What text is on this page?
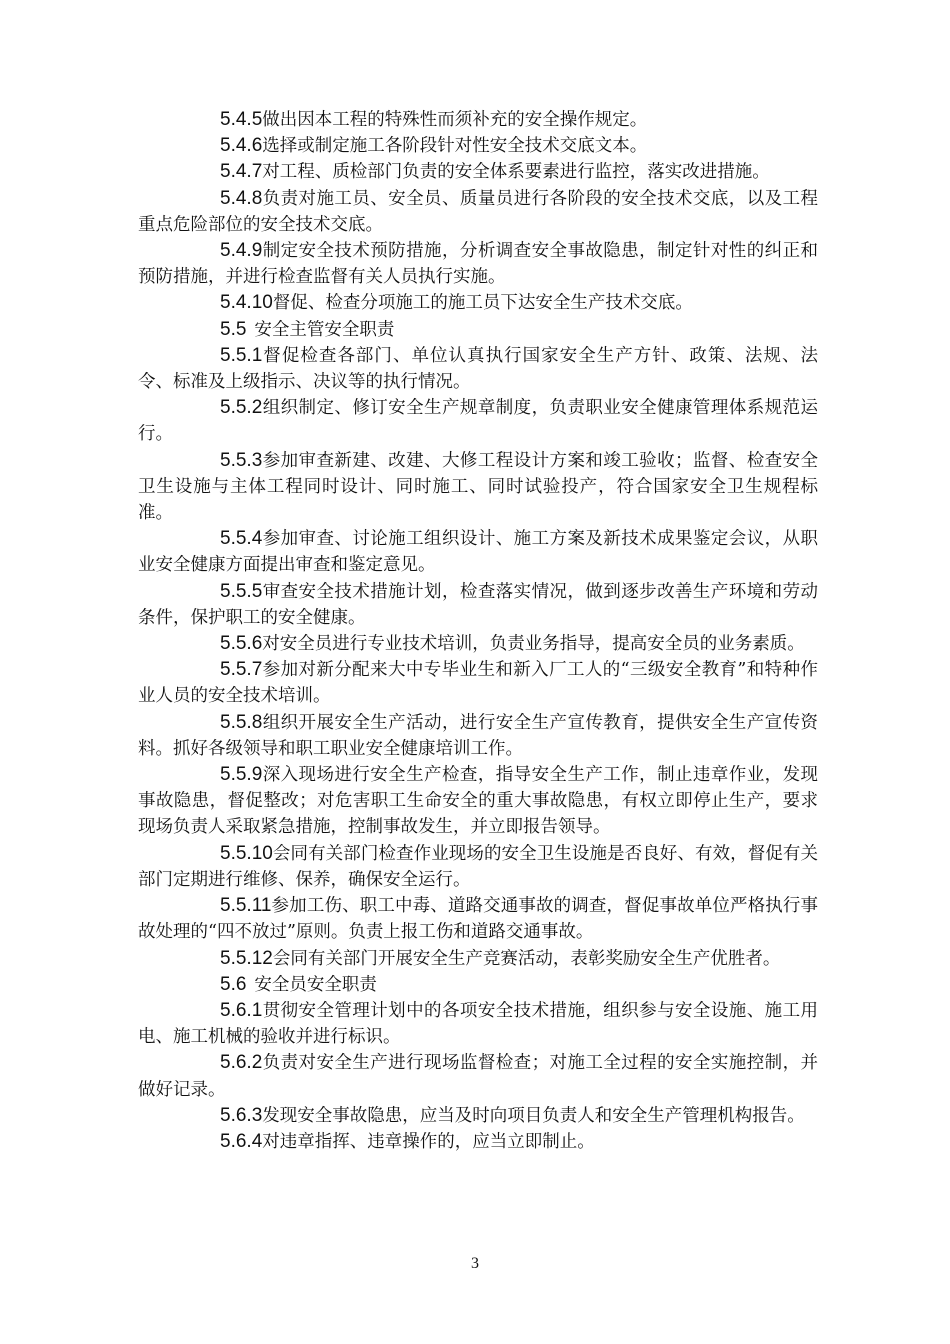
5.4.5做出因本工程的特殊性而须补充的安全操作规定。

5.4.6选择或制定施工各阶段针对性安全技术交底文本。

5.4.7对工程、质检部门负责的安全体系要素进行监控，落实改进措施。

5.4.8负责对施工员、安全员、质量员进行各阶段的安全技术交底，以及工程重点危险部位的安全技术交底。

5.4.9制定安全技术预防措施，分析调查安全事故隐患，制定针对性的纠正和预防措施，并进行检查监督有关人员执行实施。

5.4.10督促、检查分项施工的施工员下达安全生产技术交底。

5.5 安全主管安全职责

5.5.1督促检查各部门、单位认真执行国家安全生产方针、政策、法规、法令、标准及上级指示、决议等的执行情况。

5.5.2组织制定、修订安全生产规章制度，负责职业安全健康管理体系规范运行。

5.5.3参加审查新建、改建、大修工程设计方案和竣工验收；监督、检查安全卫生设施与主体工程同时设计、同时施工、同时试验投产，符合国家安全卫生规程标准。

5.5.4参加审查、讨论施工组织设计、施工方案及新技术成果鉴定会议，从职业安全健康方面提出审查和鉴定意见。

5.5.5审查安全技术措施计划，检查落实情况，做到逐步改善生产环境和劳动条件，保护职工的安全健康。

5.5.6对安全员进行专业技术培训，负责业务指导，提高安全员的业务素质。

5.5.7参加对新分配来大中专毕业生和新入厂工人的“三级安全教育”和特种作业人员的安全技术培训。

5.5.8组织开展安全生产活动，进行安全生产宣传教育，提供安全生产宣传资料。抓好各级领导和职工职业安全健康培训工作。

5.5.9深入现场进行安全生产检查，指导安全生产工作，制止违章作业，发现事故隐患，督促整改；对危害职工生命安全的重大事故隐患，有权立即停止生产，要求现场负责人采取紧急措施，控制事故发生，并立即报告领导。

5.5.10会同有关部门检查作业现场的安全卫生设施是否良好、有效，督促有关部门定期进行维修、保养，确保安全运行。

5.5.11参加工伤、职工中毒、道路交通事故的调查，督促事故单位严格执行事故处理的“四不放过”原则。负责上报工伤和道路交通事故。

5.5.12会同有关部门开展安全生产竞赛活动，表彰奖励安全生产优胜者。

5.6 安全员安全职责

5.6.1贯彻安全管理计划中的各项安全技术措施，组织参与安全设施、施工用电、施工机械的验收并进行标识。

5.6.2负责对安全生产进行现场监督检查；对施工全过程的安全实施控制，并做好记录。

5.6.3发现安全事故隐患，应当及时向项目负责人和安全生产管理机构报告。

5.6.4对违章指挥、违章操作的，应当立即制止。

3
